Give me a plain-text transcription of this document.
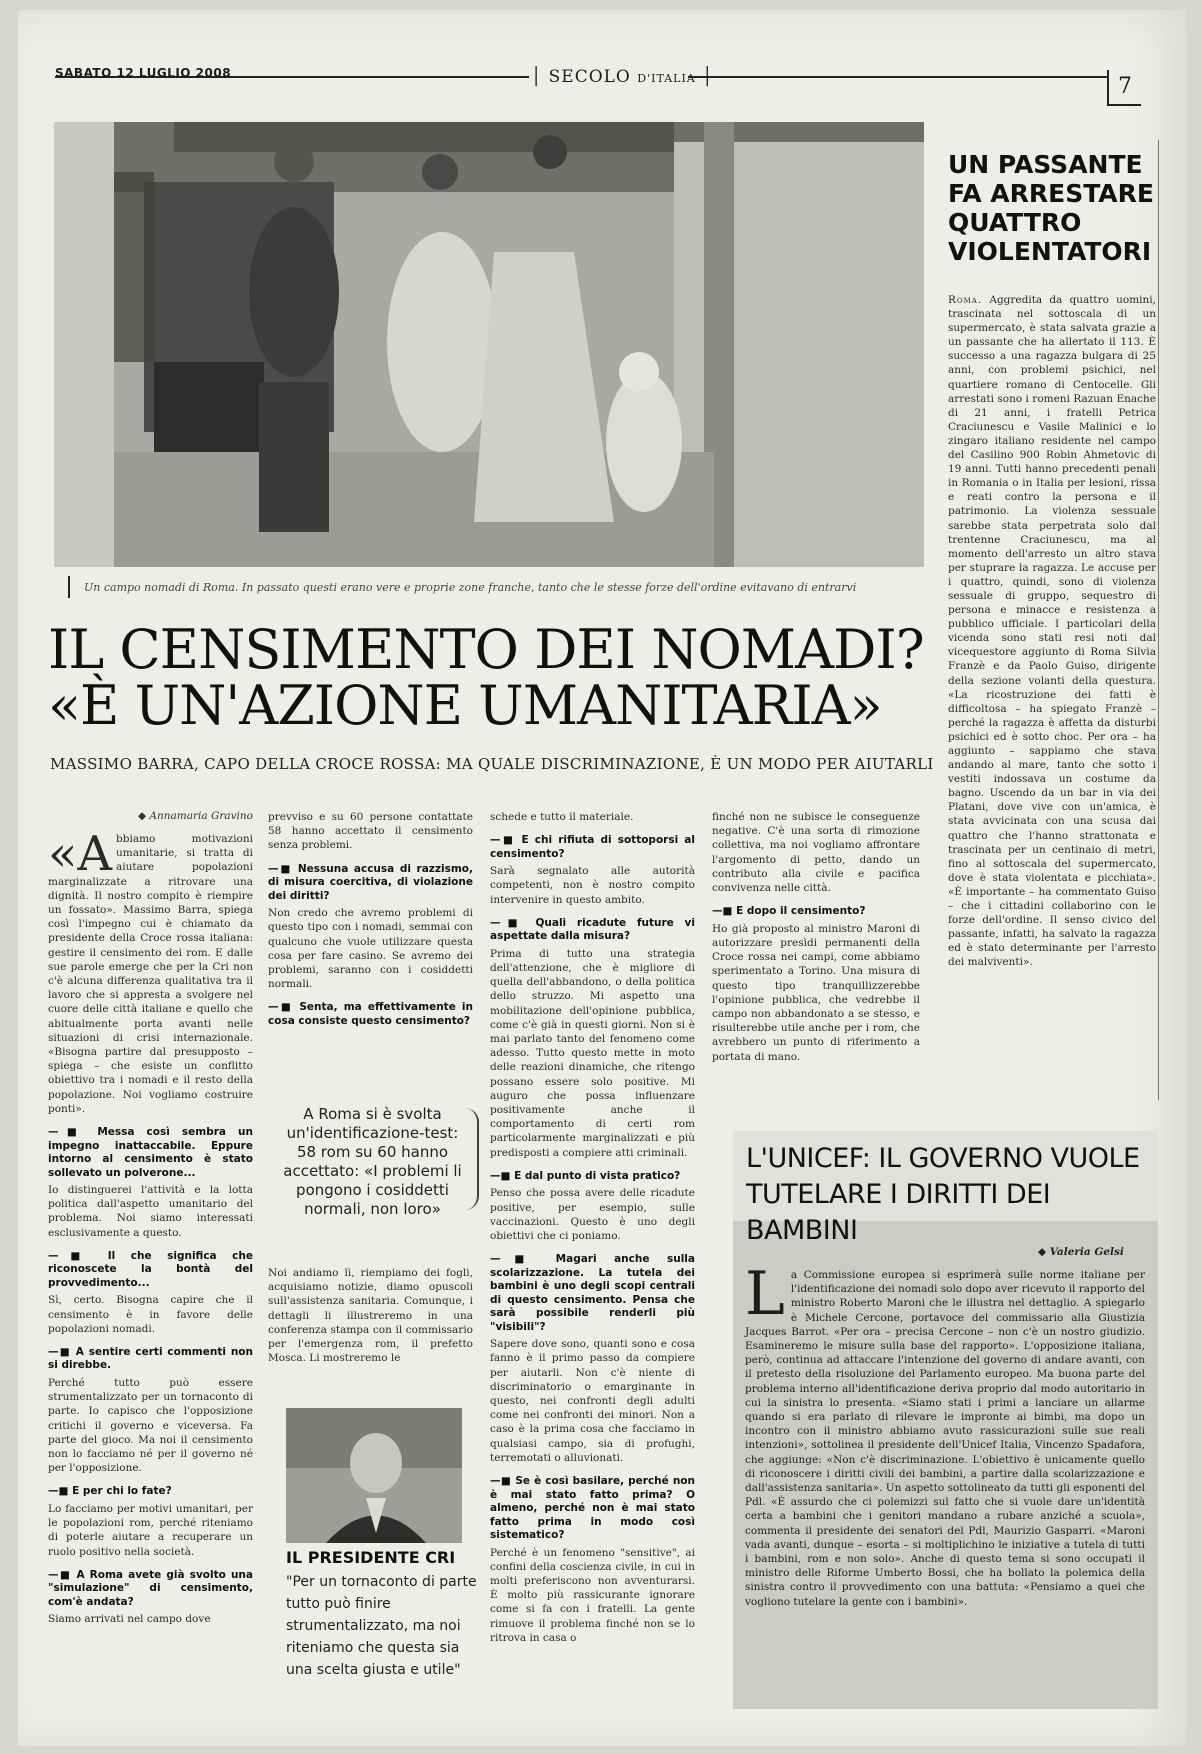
SABATO 12 LUGLIO 2008	│ SECOLO D'ITALIA │	7
Un campo nomadi di Roma. In passato questi erano vere e proprie zone franche, tanto che le stesse forze dell'ordine evitavano di entrarvi
IL CENSIMENTO DEI NOMADI?
«È UN'AZIONE UMANITARIA»
MASSIMO BARRA, CAPO DELLA CROCE ROSSA: MA QUALE DISCRIMINAZIONE, È UN MODO PER AIUTARLI
◆ Annamaria Gravino

«Abbiamo motivazioni umanitarie, si tratta di aiutare popolazioni marginalizzate a ritrovare una dignità. Il nostro compito è riempire un fossato». Massimo Barra, spiega così l'impegno cui è chiamato da presidente della Croce rossa italiana: gestire il censimento dei rom. E dalle sue parole emerge che per la Cri non c'è alcuna differenza qualitativa tra il lavoro che si appresta a svolgere nel cuore delle città italiane e quello che abitualmente porta avanti nelle situazioni di crisi internazionale. «Bisogna partire dal presupposto – spiega – che esiste un conflitto obiettivo tra i nomadi e il resto della popolazione. Noi vogliamo costruire ponti».

—■ Messa così sembra un impegno inattaccabile. Eppure intorno al censimento è stato sollevato un polverone...

Io distinguerei l'attività e la lotta politica dall'aspetto umanitario del problema. Noi siamo interessati esclusivamente a questo.

—■ Il che significa che riconoscete la bontà del provvedimento...

Sì, certo. Bisogna capire che il censimento è in favore delle popolazioni nomadi.

—■ A sentire certi commenti non si direbbe.

Perché tutto può essere strumentalizzato per un tornaconto di parte. Io capisco che l'opposizione critichi il governo e viceversa. Fa parte del gioco. Ma noi il censimento non lo facciamo né per il governo né per l'opposizione.

—■ E per chi lo fate?

Lo facciamo per motivi umanitari, per le popolazioni rom, perché riteniamo di poterle aiutare a recuperare un ruolo positivo nella società.

—■ A Roma avete già svolto una "simulazione" di censimento, com'è andata?

Siamo arrivati nel campo dove

prevviso e su 60 persone contattate 58 hanno accettato il censimento senza problemi.

—■ Nessuna accusa di razzismo, di misura coercitiva, di violazione dei diritti?

Non credo che avremo problemi di questo tipo con i nomadi, semmai con qualcuno che vuole utilizzare questa cosa per fare casino. Se avremo dei problemi, saranno con i cosiddetti normali.

—■ Senta, ma effettivamente in cosa consiste questo censimento?
A Roma si è svolta un'identificazione-test: 58 rom su 60 hanno accettato: «I problemi li pongono i cosiddetti normali, non loro»

Noi andiamo lì, riempiamo dei fogli, acquisiamo notizie, diamo opuscoli sull'assistenza sanitaria. Comunque, i dettagli li illustreremo in una conferenza stampa con il commissario per l'emergenza rom, il prefetto Mosca. Li mostreremo le

IL PRESIDENTE CRI
"Per un tornaconto di parte tutto può finire strumentalizzato, ma noi riteniamo che questa sia una scelta giusta e utile"

schede e tutto il materiale.

—■ E chi rifiuta di sottoporsi al censimento?

Sarà segnalato alle autorità competenti, non è nostro compito intervenire in questo ambito.

—■ Quali ricadute future vi aspettate dalla misura?

Prima di tutto una strategia dell'attenzione, che è migliore di quella dell'abbandono, o della politica dello struzzo. Mi aspetto una mobilitazione dell'opinione pubblica, come c'è già in questi giorni. Non si è mai parlato tanto del fenomeno come adesso. Tutto questo mette in moto delle reazioni dinamiche, che ritengo possano essere solo positive. Mi auguro che possa influenzare positivamente anche il comportamento di certi rom particolarmente marginalizzati e più predisposti a compiere atti criminali.

—■ E dal punto di vista pratico?

Penso che possa avere delle ricadute positive, per esempio, sulle vaccinazioni. Questo è uno degli obiettivi che ci poniamo.

—■ Magari anche sulla scolarizzazione. La tutela dei bambini è uno degli scopi centrali di questo censimento. Pensa che sarà possibile renderli più "visibili"?

Sapere dove sono, quanti sono e cosa fanno è il primo passo da compiere per aiutarli. Non c'è niente di discriminatorio o emarginante in questo, nei confronti degli adulti come nei confronti dei minori. Non a caso è la prima cosa che facciamo in qualsiasi campo, sia di profughi, terremotati o alluvionati.

—■ Se è così basilare, perché non è mai stato fatto prima? O almeno, perché non è mai stato fatto prima in modo così sistematico?

Perché è un fenomeno "sensitive", ai confini della coscienza civile, in cui in molti preferiscono non avventurarsi. È molto più rassicurante ignorare come si fa con i fratelli. La gente rimuove il problema finché non se lo ritrova in casa o

finché non ne subisce le conseguenze negative. C'è una sorta di rimozione collettiva, ma noi vogliamo affrontare l'argomento di petto, dando un contributo alla civile e pacifica convivenza nelle città.

—■ E dopo il censimento?

Ho già proposto al ministro Maroni di autorizzare presìdi permanenti della Croce rossa nei campi, come abbiamo sperimentato a Torino. Una misura di questo tipo tranquillizzerebbe l'opinione pubblica, che vedrebbe il campo non abbandonato a se stesso, e risulterebbe utile anche per i rom, che avrebbero un punto di riferimento a portata di mano.

UN PASSANTE FA ARRESTARE QUATTRO VIOLENTATORI
Roma. Aggredita da quattro uomini, trascinata nel sottoscala di un supermercato, è stata salvata grazie a un passante che ha allertato il 113. È successo a una ragazza bulgara di 25 anni, con problemi psichici, nel quartiere romano di Centocelle. Gli arrestati sono i romeni Razuan Enache di 21 anni, i fratelli Petrica Craciunescu e Vasile Malinici e lo zingaro italiano residente nel campo del Casilino 900 Robin Ahmetovic di 19 anni. Tutti hanno precedenti penali in Romania o in Italia per lesioni, rissa e reati contro la persona e il patrimonio. La violenza sessuale sarebbe stata perpetrata solo dal trentenne Craciunescu, ma al momento dell'arresto un altro stava per stuprare la ragazza. Le accuse per i quattro, quindi, sono di violenza sessuale di gruppo, sequestro di persona e minacce e resistenza a pubblico ufficiale. I particolari della vicenda sono stati resi noti dal vicequestore aggiunto di Roma Silvia Franzè e da Paolo Guiso, dirigente della sezione volanti della questura. «La ricostruzione dei fatti è difficoltosa – ha spiegato Franzè – perché la ragazza è affetta da disturbi psichici ed è sotto choc. Per ora – ha aggiunto – sappiamo che stava andando al mare, tanto che sotto i vestiti indossava un costume da bagno. Uscendo da un bar in via dei Platani, dove vive con un'amica, è stata avvicinata con una scusa dai quattro che l'hanno strattonata e trascinata per un centinaio di metri, fino al sottoscala del supermercato, dove è stata violentata e picchiata». «È importante – ha commentato Guiso – che i cittadini collaborino con le forze dell'ordine. Il senso civico del passante, infatti, ha salvato la ragazza ed è stato determinante per l'arresto dei malviventi».
L'UNICEF: IL GOVERNO VUOLE TUTELARE I DIRITTI DEI BAMBINI
◆ Valeria Gelsi
La Commissione europea si esprimerà sulle norme italiane per l'identificazione dei nomadi solo dopo aver ricevuto il rapporto del ministro Roberto Maroni che le illustra nel dettaglio. A spiegarlo è Michele Cercone, portavoce del commissario alla Giustizia Jacques Barrot. «Per ora – precisa Cercone – non c'è un nostro giudizio. Esamineremo le misure sulla base del rapporto». L'opposizione italiana, però, continua ad attaccare l'intenzione del governo di andare avanti, con il pretesto della risoluzione del Parlamento europeo. Ma buona parte del problema interno all'identificazione deriva proprio dal modo autoritario in cui la sinistra lo presenta. «Siamo stati i primi a lanciare un allarme quando si era parlato di rilevare le impronte ai bimbi, ma dopo un incontro con il ministro abbiamo avuto rassicurazioni sulle sue reali intenzioni», sottolinea il presidente dell'Unicef Italia, Vincenzo Spadafora, che aggiunge: «Non c'è discriminazione. L'obiettivo è unicamente quello di riconoscere i diritti civili dei bambini, a partire dalla scolarizzazione e dall'assistenza sanitaria». Un aspetto sottolineato da tutti gli esponenti del Pdl. «È assurdo che ci polemizzi sul fatto che si vuole dare un'identità certa a bambini che i genitori mandano a rubare anziché a scuola», commenta il presidente dei senatori del Pdl, Maurizio Gasparri. «Maroni vada avanti, dunque – esorta – si moltiplichino le iniziative a tutela di tutti i bambini, rom e non solo». Anche di questo tema si sono occupati il ministro delle Riforme Umberto Bossi, che ha bollato la polemica della sinistra contro il provvedimento con una battuta: «Pensiamo a quei che vogliono tutelare la gente con i bambini».
